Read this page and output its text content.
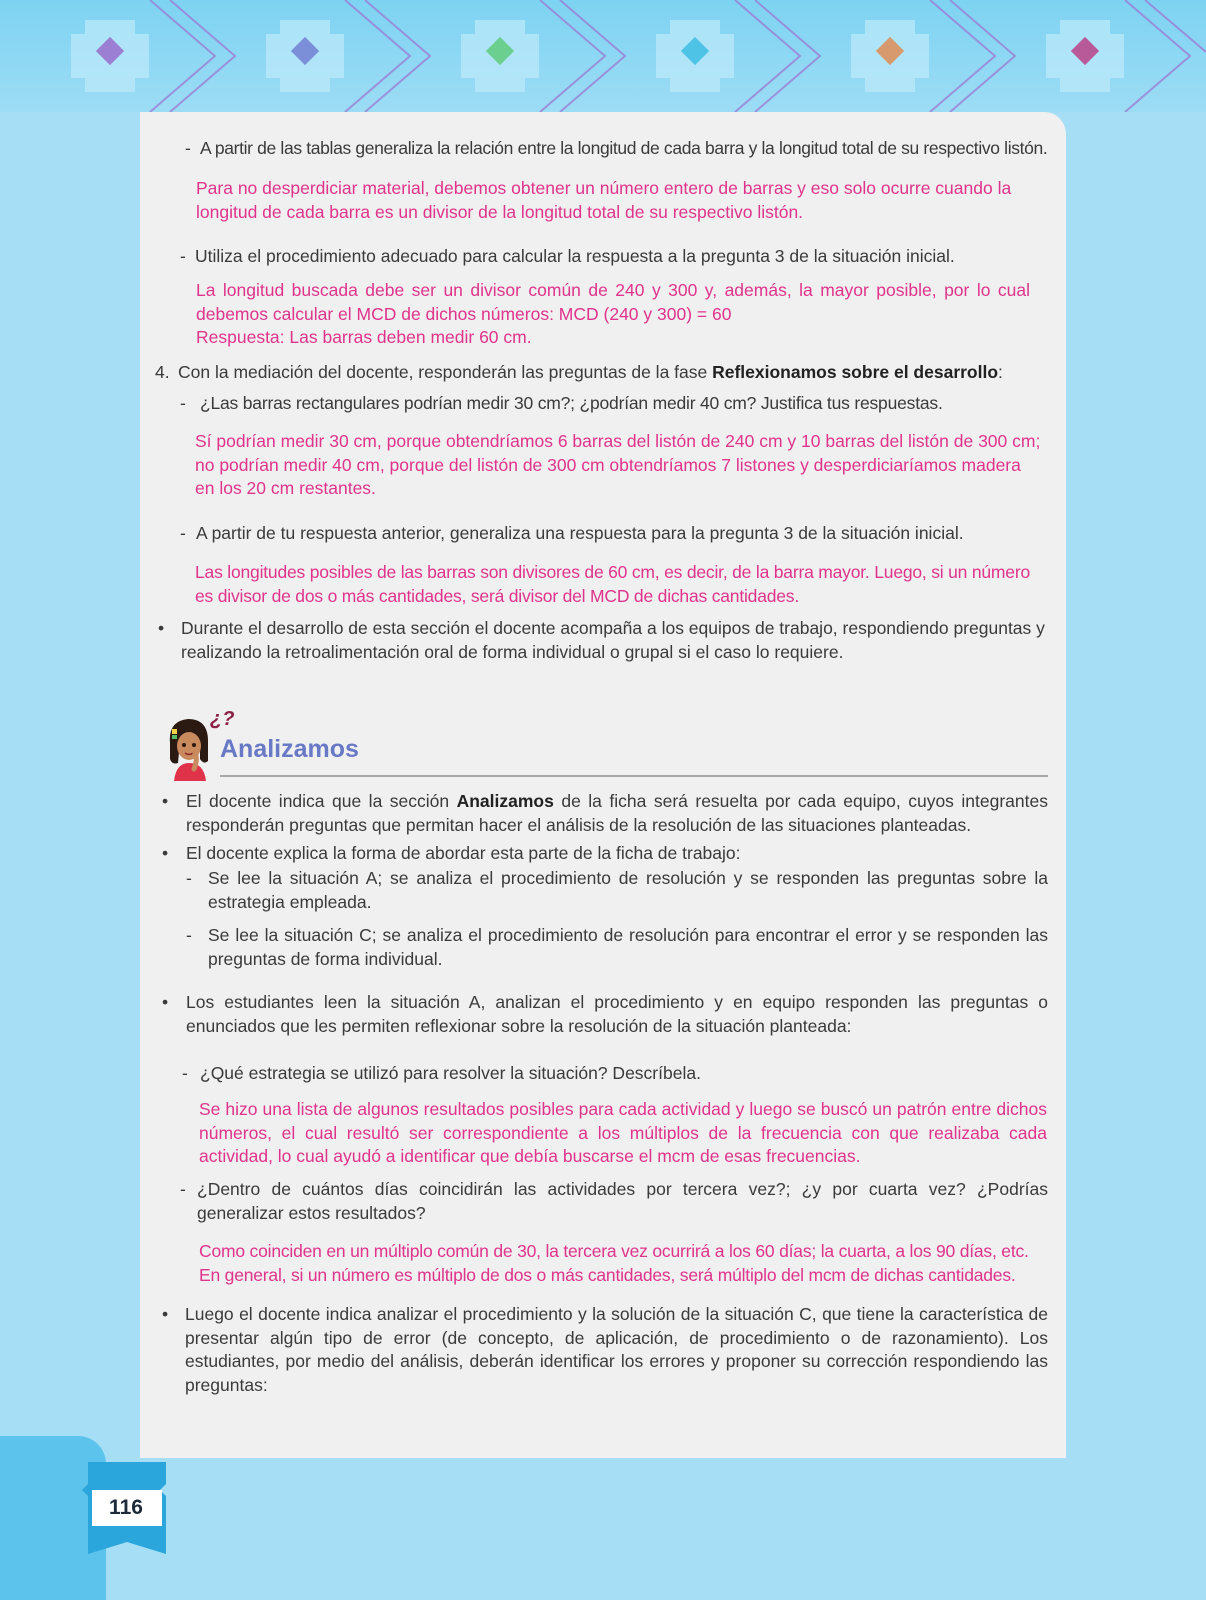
- A partir de las tablas generaliza la relación entre la longitud de cada barra y la longitud total de su respectivo listón.

Para no desperdiciar material, debemos obtener un número entero de barras y eso solo ocurre cuando la longitud de cada barra es un divisor de la longitud total de su respectivo listón.

- Utiliza el procedimiento adecuado para calcular la respuesta a la pregunta 3 de la situación inicial.

La longitud buscada debe ser un divisor común de 240 y 300 y, además, la mayor posible, por lo cual debemos calcular el MCD de dichos números: MCD (240 y 300) = 60

Respuesta: Las barras deben medir 60 cm.

4. Con la mediación del docente, responderán las preguntas de la fase Reflexionamos sobre el desarrollo:

- ¿Las barras rectangulares podrían medir 30 cm?; ¿podrían medir 40 cm? Justifica tus respuestas.

Sí podrían medir 30 cm, porque obtendríamos 6 barras del listón de 240 cm y 10 barras del listón de 300 cm; no podrían medir 40 cm, porque del listón de 300 cm obtendríamos 7 listones y desperdiciaríamos madera en los 20 cm restantes.

- A partir de tu respuesta anterior, generaliza una respuesta para la pregunta 3 de la situación inicial.

Las longitudes posibles de las barras son divisores de 60 cm, es decir, de la barra mayor. Luego, si un número es divisor de dos o más cantidades, será divisor del MCD de dichas cantidades.

• Durante el desarrollo de esta sección el docente acompaña a los equipos de trabajo, respondiendo preguntas y realizando la retroalimentación oral de forma individual o grupal si el caso lo requiere.

¿?
Analizamos
• El docente indica que la sección Analizamos de la ficha será resuelta por cada equipo, cuyos integrantes responderán preguntas que permitan hacer el análisis de la resolución de las situaciones planteadas.

• El docente explica la forma de abordar esta parte de la ficha de trabajo:

- Se lee la situación A; se analiza el procedimiento de resolución y se responden las preguntas sobre la estrategia empleada.

- Se lee la situación C; se analiza el procedimiento de resolución para encontrar el error y se responden las preguntas de forma individual.

• Los estudiantes leen la situación A, analizan el procedimiento y en equipo responden las preguntas o enunciados que les permiten reflexionar sobre la resolución de la situación planteada:

- ¿Qué estrategia se utilizó para resolver la situación? Descríbela.

Se hizo una lista de algunos resultados posibles para cada actividad y luego se buscó un patrón entre dichos números, el cual resultó ser correspondiente a los múltiplos de la frecuencia con que realizaba cada actividad, lo cual ayudó a identificar que debía buscarse el mcm de esas frecuencias.

- ¿Dentro de cuántos días coincidirán las actividades por tercera vez?; ¿y por cuarta vez? ¿Podrías generalizar estos resultados?

Como coinciden en un múltiplo común de 30, la tercera vez ocurrirá a los 60 días; la cuarta, a los 90 días, etc. En general, si un número es múltiplo de dos o más cantidades, será múltiplo del mcm de dichas cantidades.

• Luego el docente indica analizar el procedimiento y la solución de la situación C, que tiene la característica de presentar algún tipo de error (de concepto, de aplicación, de procedimiento o de razonamiento). Los estudiantes, por medio del análisis, deberán identificar los errores y proponer su corrección respondiendo las preguntas:

116
